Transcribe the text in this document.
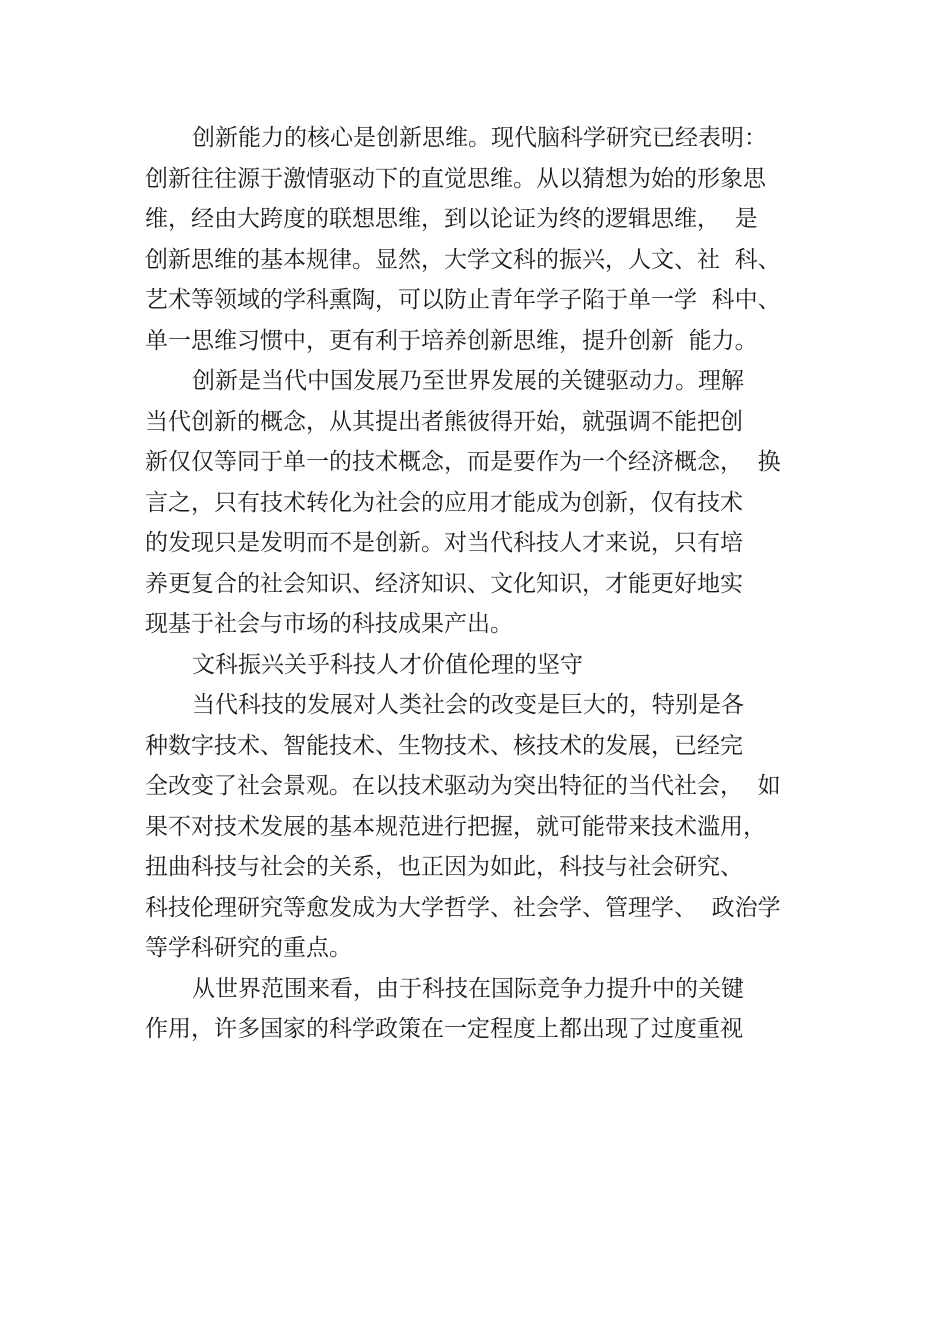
创新能力的核心是创新思维。现代脑科学研究已经表明：
创新往往源于激情驱动下的直觉思维。从以猜想为始的形象思
维，经由大跨度的联想思维，到以论证为终的逻辑思维，  是
创新思维的基本规律。显然，大学文科的振兴，人文、社  科、
艺术等领域的学科熏陶，可以防止青年学子陷于单一学  科中、
单一思维习惯中，更有利于培养创新思维，提升创新  能力。
创新是当代中国发展乃至世界发展的关键驱动力。理解
当代创新的概念，从其提出者熊彼得开始，就强调不能把创
新仅仅等同于单一的技术概念，而是要作为一个经济概念，  换
言之，只有技术转化为社会的应用才能成为创新，仅有技术
的发现只是发明而不是创新。对当代科技人才来说，只有培
养更复合的社会知识、经济知识、文化知识，才能更好地实
现基于社会与市场的科技成果产出。
文科振兴关乎科技人才价值伦理的坚守
当代科技的发展对人类社会的改变是巨大的，特别是各
种数字技术、智能技术、生物技术、核技术的发展，已经完
全改变了社会景观。在以技术驱动为突出特征的当代社会，  如
果不对技术发展的基本规范进行把握，就可能带来技术滥用，
扭曲科技与社会的关系，也正因为如此，科技与社会研究、
科技伦理研究等愈发成为大学哲学、社会学、管理学、  政治学
等学科研究的重点。
从世界范围来看，由于科技在国际竞争力提升中的关键
作用，许多国家的科学政策在一定程度上都出现了过度重视
